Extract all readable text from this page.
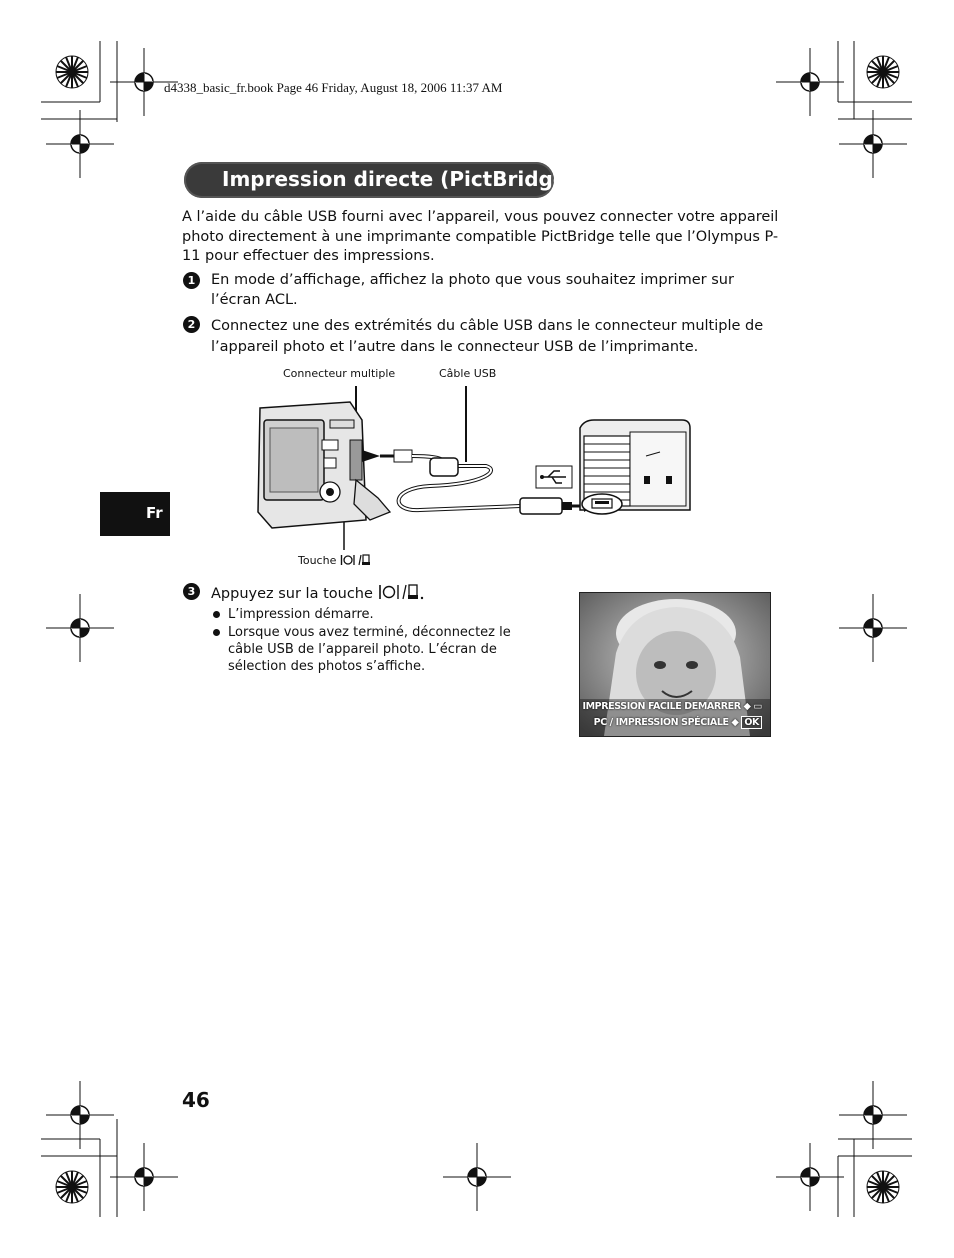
d4338_basic_fr.book Page 46 Friday, August 18, 2006 11:37 AM
Impression directe (PictBridge)
Fr
A l’aide du câble USB fourni avec l’appareil, vous pouvez connecter votre appareil photo directement à une imprimante compatible PictBridge telle que l’Olympus P-11 pour effectuer des impressions.
1	En mode d’affichage, affichez la photo que vous souhaitez imprimer sur l’écran ACL.
2	Connectez une des extrémités du câble USB dans le connecteur multiple de l’appareil photo et l’autre dans le connecteur USB de l’imprimante.
Connecteur multiple	Câble USB
Touche
3	Appuyez sur la touche
L’impression démarre.
Lorsque vous avez terminé, déconnectez le câble USB de l’appareil photo. L’écran de sélection des photos s’affiche.
IMPRESSION FACILE DEMARRER ◆ ▭
PC / IMPRESSION SPÉCIALE ◆ OK
46
